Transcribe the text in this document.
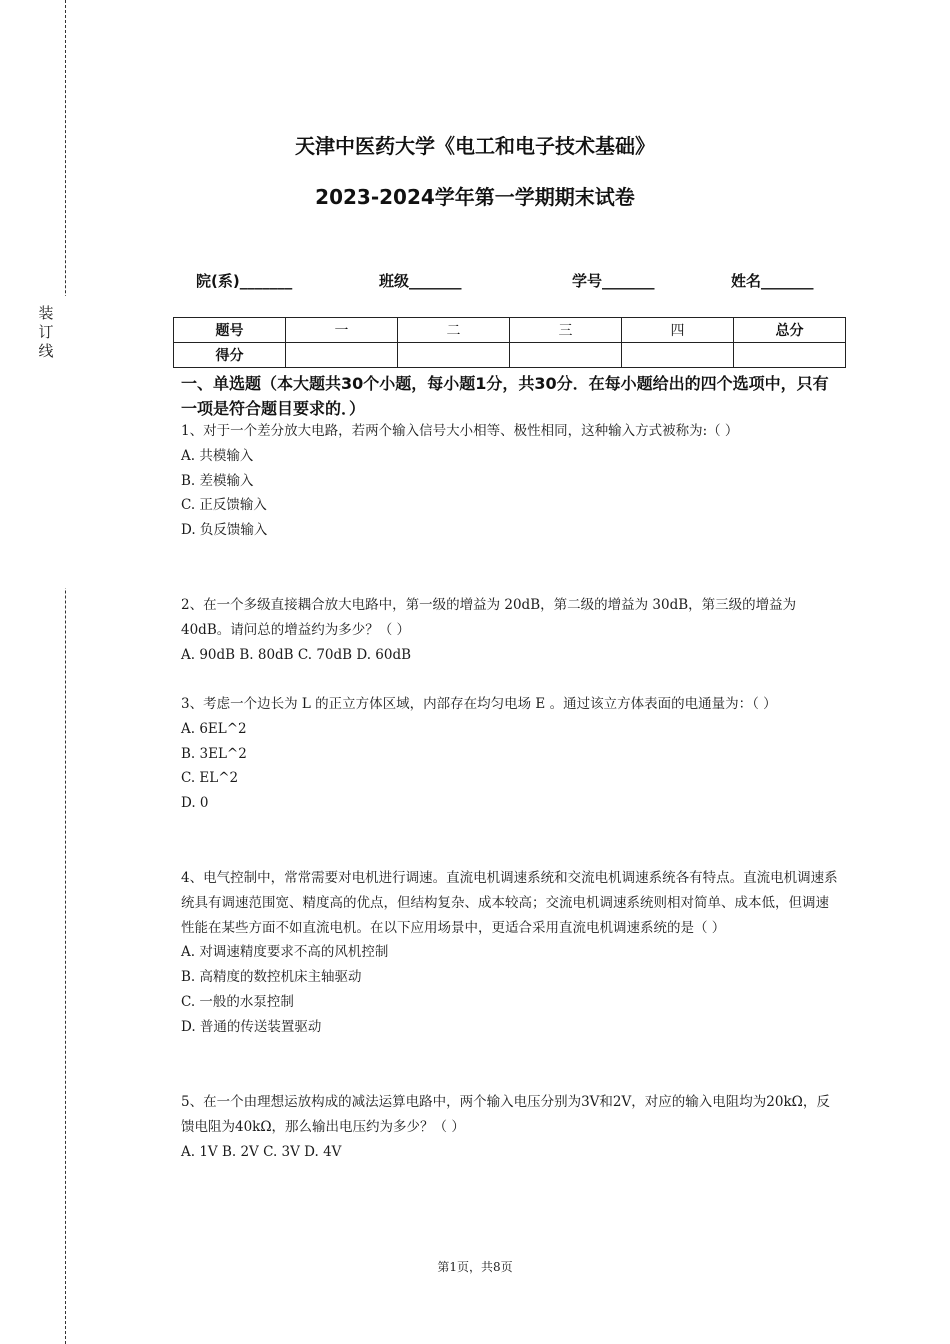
装
订
线
天津中医药大学《电工和电子技术基础》
2023-2024学年第一学期期末试卷
院(系)_______	班级_______	学号_______	姓名_______
题号	一	二	三	四	总分
得分					
一、单选题（本大题共30个小题，每小题1分，共30分．在每小题给出的四个选项中，只有一项是符合题目要求的．）

1、对于一个差分放大电路，若两个输入信号大小相等、极性相同，这种输入方式被称为:（ ）

A. 共模输入

B. 差模输入

C. 正反馈输入

D. 负反馈输入

2、在一个多级直接耦合放大电路中，第一级的增益为 20dB，第二级的增益为 30dB，第三级的增益为 40dB。请问总的增益约为多少？（ ）

A. 90dB B. 80dB C. 70dB D. 60dB

3、考虑一个边长为 L 的正立方体区域，内部存在均匀电场 E 。通过该立方体表面的电通量为：（ ）

A. 6EL^2

B. 3EL^2

C. EL^2

D. 0

4、电气控制中，常常需要对电机进行调速。直流电机调速系统和交流电机调速系统各有特点。直流电机调速系统具有调速范围宽、精度高的优点，但结构复杂、成本较高；交流电机调速系统则相对简单、成本低，但调速性能在某些方面不如直流电机。在以下应用场景中，更适合采用直流电机调速系统的是（ ）

A. 对调速精度要求不高的风机控制

B. 高精度的数控机床主轴驱动

C. 一般的水泵控制

D. 普通的传送装置驱动

5、在一个由理想运放构成的减法运算电路中，两个输入电压分别为3V和2V，对应的输入电阻均为20kΩ，反馈电阻为40kΩ，那么输出电压约为多少？（ ）

A. 1V B. 2V C. 3V D. 4V

第1页，共8页
